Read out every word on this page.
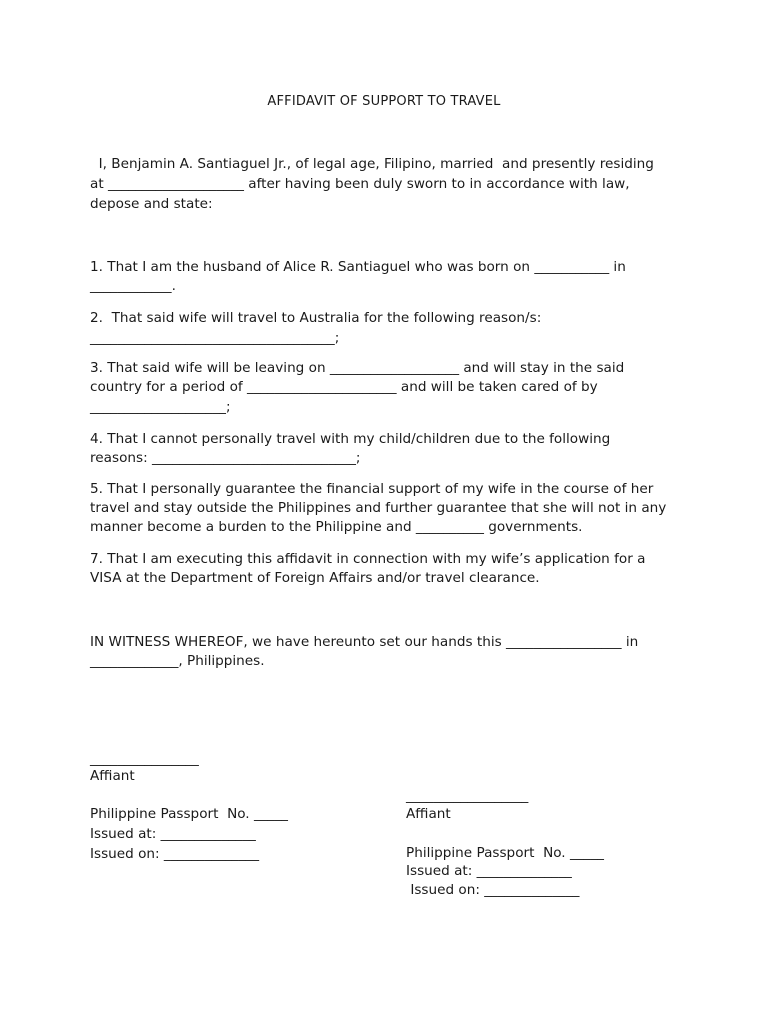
AFFIDAVIT OF SUPPORT TO TRAVEL
I, Benjamin A. Santiaguel Jr., of legal age, Filipino, married  and presently residing
at ____________________ after having been duly sworn to in accordance with law,
depose and state:
1. That I am the husband of Alice R. Santiaguel who was born on ___________ in
____________.
2.  That said wife will travel to Australia for the following reason/s:
____________________________________;
3. That said wife will be leaving on ___________________ and will stay in the said
country for a period of ______________________ and will be taken cared of by
____________________;
4. That I cannot personally travel with my child/children due to the following
reasons: ______________________________;
5. That I personally guarantee the financial support of my wife in the course of her
travel and stay outside the Philippines and further guarantee that she will not in any
manner become a burden to the Philippine and __________ governments.
7. That I am executing this affidavit in connection with my wife’s application for a
VISA at the Department of Foreign Affairs and/or travel clearance.
IN WITNESS WHEREOF, we have hereunto set our hands this _________________ in
_____________, Philippines.
________________
Affiant
Philippine Passport  No. _____
Issued at: ______________
Issued on: ______________
__________________
Affiant
Philippine Passport  No. _____
Issued at: ______________
Issued on: ______________
